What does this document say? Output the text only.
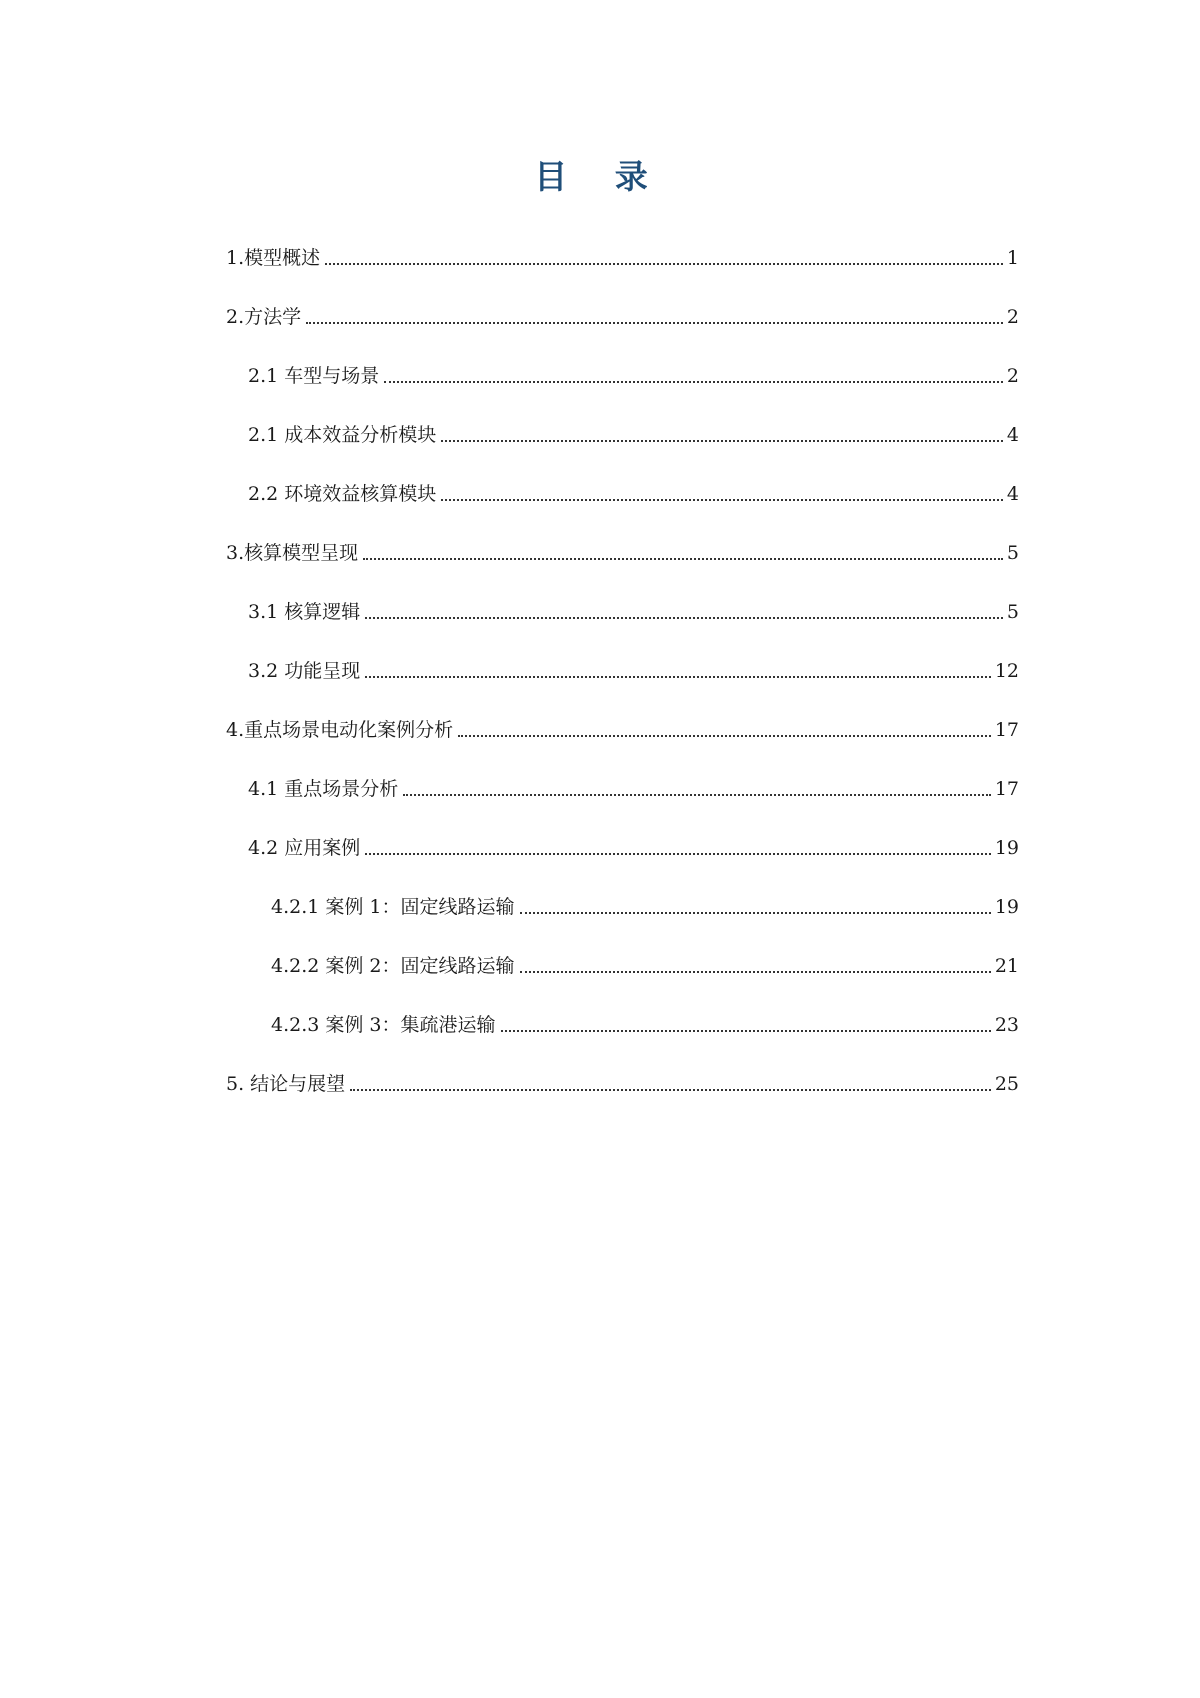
目 录
1.模型概述	1
2.方法学	2
2.1 车型与场景	2
2.1 成本效益分析模块	4
2.2 环境效益核算模块	4
3.核算模型呈现	5
3.1 核算逻辑	5
3.2 功能呈现	12
4.重点场景电动化案例分析	17
4.1 重点场景分析	17
4.2 应用案例	19
4.2.1 案例 1：固定线路运输	19
4.2.2 案例 2：固定线路运输	21
4.2.3 案例 3：集疏港运输	23
5. 结论与展望	25
